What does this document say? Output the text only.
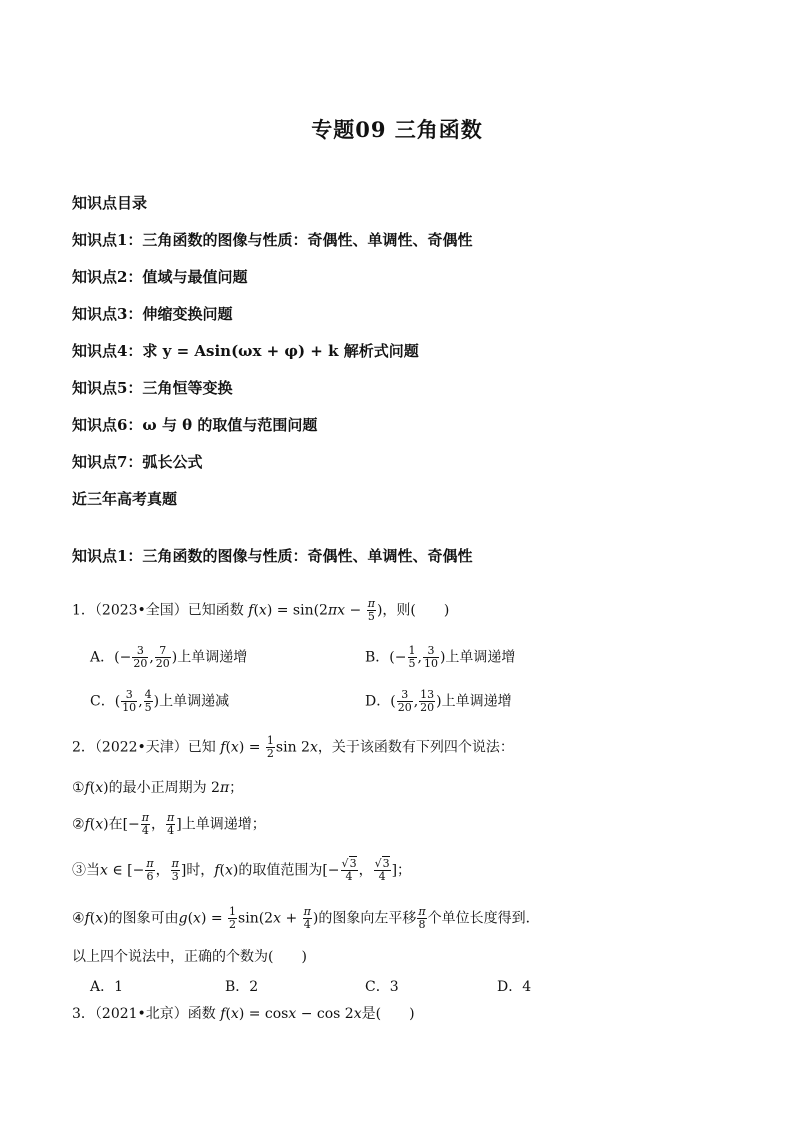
专题09 三角函数
知识点目录
知识点1：三角函数的图像与性质：奇偶性、单调性、奇偶性
知识点2：值域与最值问题
知识点3：伸缩变换问题
知识点4：求 y = Asin(ωx + φ) + k 解析式问题
知识点5：三角恒等变换
知识点6：ω 与 θ 的取值与范围问题
知识点7：弧长公式
近三年高考真题
知识点1：三角函数的图像与性质：奇偶性、单调性、奇偶性
1．（2023•全国）已知函数 $f(x) = \sin(2\pi x - \frac{\pi}{5}$ )，则(　　)
A．(− $\frac{3}{20}$ , $\frac{7}{20}$ )上单调递增	B．(− $\frac{1}{5}$ , $\frac{3}{10}$ )上单调递增
C．( $\frac{3}{10}$ , $\frac{4}{5}$ )上单调递减	D．( $\frac{3}{20}$ , $\frac{13}{20}$ )上单调递增
2．（2022•天津）已知 $f(x) = \frac{1}{2}$ sin 2x，关于该函数有下列四个说法：
①f(x)的最小正周期为 2π；
②f(x)在[− $\frac{\pi}{4}$ ， $\frac{\pi}{4}$ ]上单调递增；
③当x ∈ [− $\frac{\pi}{6}$ ， $\frac{\pi}{3}$ ]时，f(x)的取值范围为[− $\frac{√3}{4}$ ， $\frac{√3}{4}$ ]；
④f(x)的图象可由$g(x) = \frac{1}{2} \sin(2x + \frac{\pi}{4}$ )的图象向左平移 $\frac{\pi}{8}$ 个单位长度得到．
以上四个说法中，正确的个数为(　　)
A．1	B．2	C．3	D．4
3．（2021•北京）函数 f(x) = cosx − cos 2x是(　　)
